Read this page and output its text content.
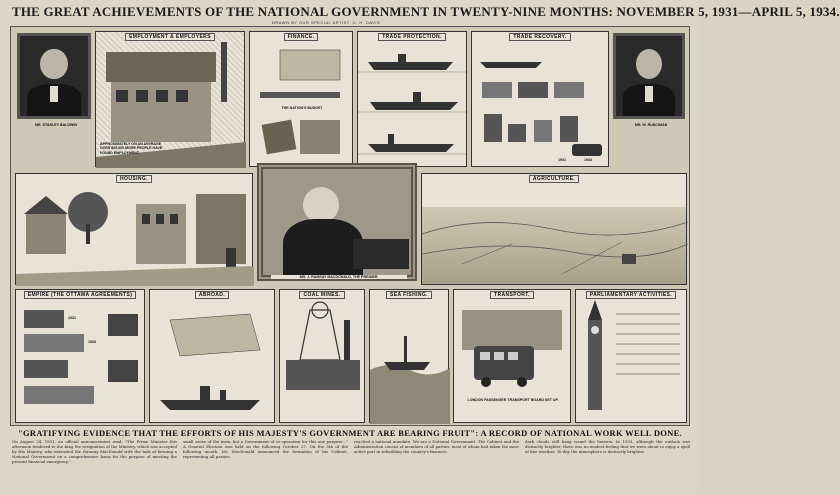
THE GREAT ACHIEVEMENTS OF THE NATIONAL GOVERNMENT IN TWENTY-NINE MONTHS: NOVEMBER 5, 1931—APRIL 5, 1934.
DRAWN BY OUR SPECIAL ARTIST, G. H. DAVIS.
MR. STANLEY BALDWIN
EMPLOYMENT & EMPLOYERS
APPROXIMATELY ON AN AVERAGE OVER 800,000 MORE PEOPLE HAVE FOUND EMPLOYMENT
FINANCE.
THE NATION'S BUDGET
TRADE PROTECTION.	TRADE RECOVERY.
1931	1934
MR. W. RUNCIMAN
HOUSING.
MR. J. RAMSAY MACDONALD, THE PREMIER.
AGRICULTURE.
EMPIRE (THE OTTAWA AGREEMENTS)
1931
1933
ABROAD.	COAL MINES.	SEA FISHING.	TRANSPORT.
LONDON PASSENGER TRANSPORT BOARD SET UP.
PARLIAMENTARY ACTIVITIES.
"GRATIFYING EVIDENCE THAT THE EFFORTS OF HIS MAJESTY'S GOVERNMENT ARE BEARING FRUIT": A RECORD OF NATIONAL WORK WELL DONE.
On August 24, 1931, an official announcement read: "The Prime Minister this afternoon tendered to the King the resignation of the Ministry, which was accepted by His Majesty, who entrusted Mr. Ramsay MacDonald with the task of forming a National Government on a comprehensive basis for the purpose of meeting the present financial emergency."
small sense of the term, but a Government of co-operation for this one purpose..." A General Election was held on the following October 27. On the 5th of the following month, Mr. MacDonald announced the formation of his Cabinet, representing all parties.
reached a national mandate. We are a National Government. The Cabinet and the Administration consist of members of all parties, most of whom had taken the most active part in rebuilding the country's finances.
dark clouds still hang round the horizon. In 1933, although the outlook was distinctly brighter, there was no modest feeling that we were about to enjoy a spell of fine weather. To-day the atmosphere is distinctly brighter.
